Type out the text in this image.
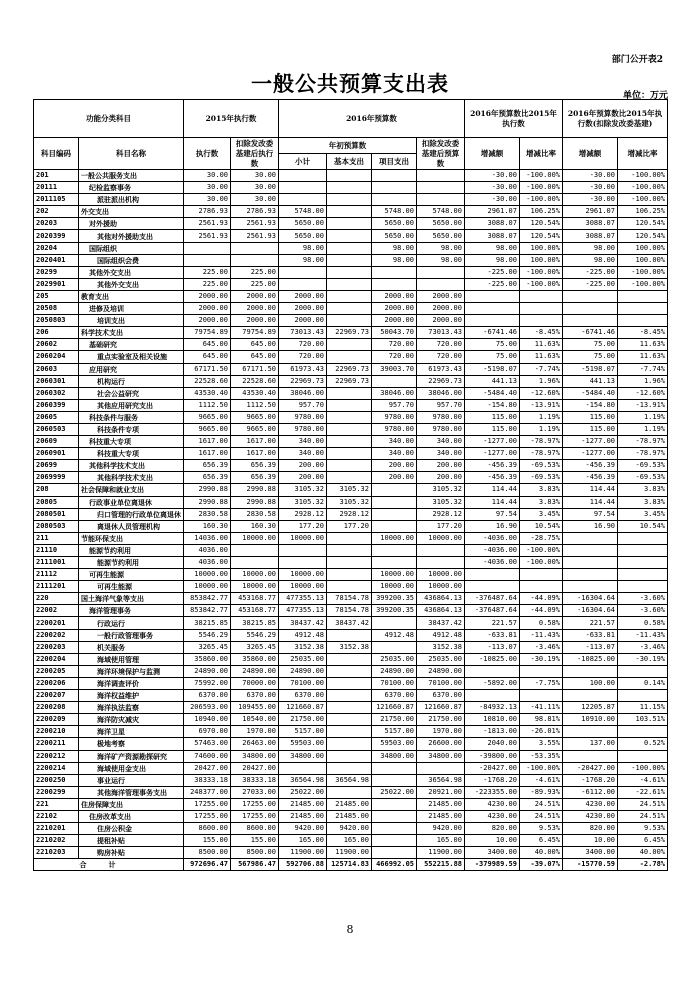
部门公开表2
一般公共预算支出表	单位：万元
功能分类科目		2015年执行数		2016年预算数				2016年预算数比2015年执行数		2016年预算数比2015年执行数(扣除发改委基建)	
科目编码	科目名称	执行数	扣除发改委基建后执行数	年初预算数			扣除发改委基建后预算数	增减额	增减比率	增减额	增减比率
				小计	基本支出	项目支出					
201	一般公共服务支出	30.00	30.00					-30.00	-100.00%	-30.00	-100.00%
20111	纪检监察事务	30.00	30.00					-30.00	-100.00%	-30.00	-100.00%
2011105	派驻派出机构	30.00	30.00					-30.00	-100.00%	-30.00	-100.00%
202	外交支出	2786.93	2786.93	5748.00		5748.00	5748.00	2961.07	106.25%	2961.07	106.25%
20203	对外援助	2561.93	2561.93	5650.00		5650.00	5650.00	3088.07	120.54%	3088.07	120.54%
2020399	其他对外援助支出	2561.93	2561.93	5650.00		5650.00	5650.00	3088.07	120.54%	3088.07	120.54%
20204	国际组织			98.00		98.00	98.00	98.00	100.00%	98.00	100.00%
2020401	国际组织会费			98.00		98.00	98.00	98.00	100.00%	98.00	100.00%
20299	其他外交支出	225.00	225.00					-225.00	-100.00%	-225.00	-100.00%
2029901	其他外交支出	225.00	225.00					-225.00	-100.00%	-225.00	-100.00%
205	教育支出	2000.00	2000.00	2000.00		2000.00	2000.00				
20508	进修及培训	2000.00	2000.00	2000.00		2000.00	2000.00				
2050803	培训支出	2000.00	2000.00	2000.00		2000.00	2000.00				
206	科学技术支出	79754.89	79754.89	73013.43	22969.73	50043.70	73013.43	-6741.46	-8.45%	-6741.46	-8.45%
20602	基础研究	645.00	645.00	720.00		720.00	720.00	75.00	11.63%	75.00	11.63%
2060204	重点实验室及相关设施	645.00	645.00	720.00		720.00	720.00	75.00	11.63%	75.00	11.63%
20603	应用研究	67171.50	67171.50	61973.43	22969.73	39003.70	61973.43	-5198.07	-7.74%	-5198.07	-7.74%
2060301	机构运行	22528.60	22528.60	22969.73	22969.73		22969.73	441.13	1.96%	441.13	1.96%
2060302	社会公益研究	43530.40	43530.40	38046.00		38046.00	38046.00	-5484.40	-12.60%	-5484.40	-12.60%
2060399	其他应用研究支出	1112.50	1112.50	957.70		957.70	957.70	-154.80	-13.91%	-154.80	-13.91%
20605	科技条件与服务	9665.00	9665.00	9780.00		9780.00	9780.00	115.00	1.19%	115.00	1.19%
2060503	科技条件专项	9665.00	9665.00	9780.00		9780.00	9780.00	115.00	1.19%	115.00	1.19%
20609	科技重大专项	1617.00	1617.00	340.00		340.00	340.00	-1277.00	-78.97%	-1277.00	-78.97%
2060901	科技重大专项	1617.00	1617.00	340.00		340.00	340.00	-1277.00	-78.97%	-1277.00	-78.97%
20699	其他科学技术支出	656.39	656.39	200.00		200.00	200.00	-456.39	-69.53%	-456.39	-69.53%
2069999	其他科学技术支出	656.39	656.39	200.00		200.00	200.00	-456.39	-69.53%	-456.39	-69.53%
208	社会保障和就业支出	2990.88	2990.88	3105.32	3105.32		3105.32	114.44	3.83%	114.44	3.83%
20805	行政事业单位离退休	2990.88	2990.88	3105.32	3105.32		3105.32	114.44	3.83%	114.44	3.83%
2080501	归口管理的行政单位离退休	2830.58	2830.58	2928.12	2928.12		2928.12	97.54	3.45%	97.54	3.45%
2080503	离退休人员管理机构	160.30	160.30	177.20	177.20		177.20	16.90	10.54%	16.90	10.54%
211	节能环保支出	14036.00	10000.00	10000.00		10000.00	10000.00	-4036.00	-28.75%		
21110	能源节约利用	4036.00						-4036.00	-100.00%		
2111001	能源节约利用	4036.00						-4036.00	-100.00%		
21112	可再生能源	10000.00	10000.00	10000.00		10000.00	10000.00				
2111201	可再生能源	10000.00	10000.00	10000.00		10000.00	10000.00				
220	国土海洋气象等支出	853842.77	453168.77	477355.13	78154.78	399200.35	436864.13	-376487.64	-44.09%	-16304.64	-3.60%
22002	海洋管理事务	853842.77	453168.77	477355.13	78154.78	399200.35	436864.13	-376487.64	-44.09%	-16304.64	-3.60%
2200201	行政运行	38215.85	38215.85	38437.42	38437.42		38437.42	221.57	0.58%	221.57	0.58%
2200202	一般行政管理事务	5546.29	5546.29	4912.48		4912.48	4912.48	-633.81	-11.43%	-633.81	-11.43%
2200203	机关服务	3265.45	3265.45	3152.38	3152.38		3152.38	-113.07	-3.46%	-113.07	-3.46%
2200204	海域使用管理	35860.00	35860.00	25035.00		25035.00	25035.00	-10825.00	-30.19%	-10825.00	-30.19%
2200205	海洋环境保护与监测	24890.00	24890.00	24890.00		24890.00	24890.00				
2200206	海洋调查评价	75992.00	70000.00	70100.00		70100.00	70100.00	-5892.00	-7.75%	100.00	0.14%
2200207	海洋权益维护	6370.00	6370.00	6370.00		6370.00	6370.00				
2200208	海洋执法监察	206593.00	109455.00	121660.87		121660.87	121660.87	-84932.13	-41.11%	12205.87	11.15%
2200209	海洋防灾减灾	10940.00	10540.00	21750.00		21750.00	21750.00	10810.00	98.81%	10910.00	103.51%
2200210	海洋卫星	6970.00	1970.00	5157.00		5157.00	1970.00	-1813.00	-26.01%		
2200211	极地考察	57463.00	26463.00	59503.00		59503.00	26600.00	2040.00	3.55%	137.00	0.52%
2200212	海洋矿产资源勘探研究	74600.00	34800.00	34800.00		34800.00	34800.00	-39800.00	-53.35%		
2200214	海域使用金支出	20427.00	20427.00					-20427.00	-100.00%	-20427.00	-100.00%
2200250	事业运行	38333.18	38333.18	36564.98	36564.98		36564.98	-1768.20	-4.61%	-1768.20	-4.61%
2200299	其他海洋管理事务支出	248377.00	27033.00	25022.00		25022.00	20921.00	-223355.00	-89.93%	-6112.00	-22.61%
221	住房保障支出	17255.00	17255.00	21485.00	21485.00		21485.00	4230.00	24.51%	4230.00	24.51%
22102	住房改革支出	17255.00	17255.00	21485.00	21485.00		21485.00	4230.00	24.51%	4230.00	24.51%
2210201	住房公积金	8600.00	8600.00	9420.00	9420.00		9420.00	820.00	9.53%	820.00	9.53%
2210202	提租补贴	155.00	155.00	165.00	165.00		165.00	10.00	6.45%	10.00	6.45%
2210203	购房补贴	8500.00	8500.00	11900.00	11900.00		11900.00	3400.00	40.00%	3400.00	40.00%
合计		972696.47	567986.47	592706.88	125714.83	466992.05	552215.88	-379989.59	-39.07%	-15770.59	-2.78%
8
